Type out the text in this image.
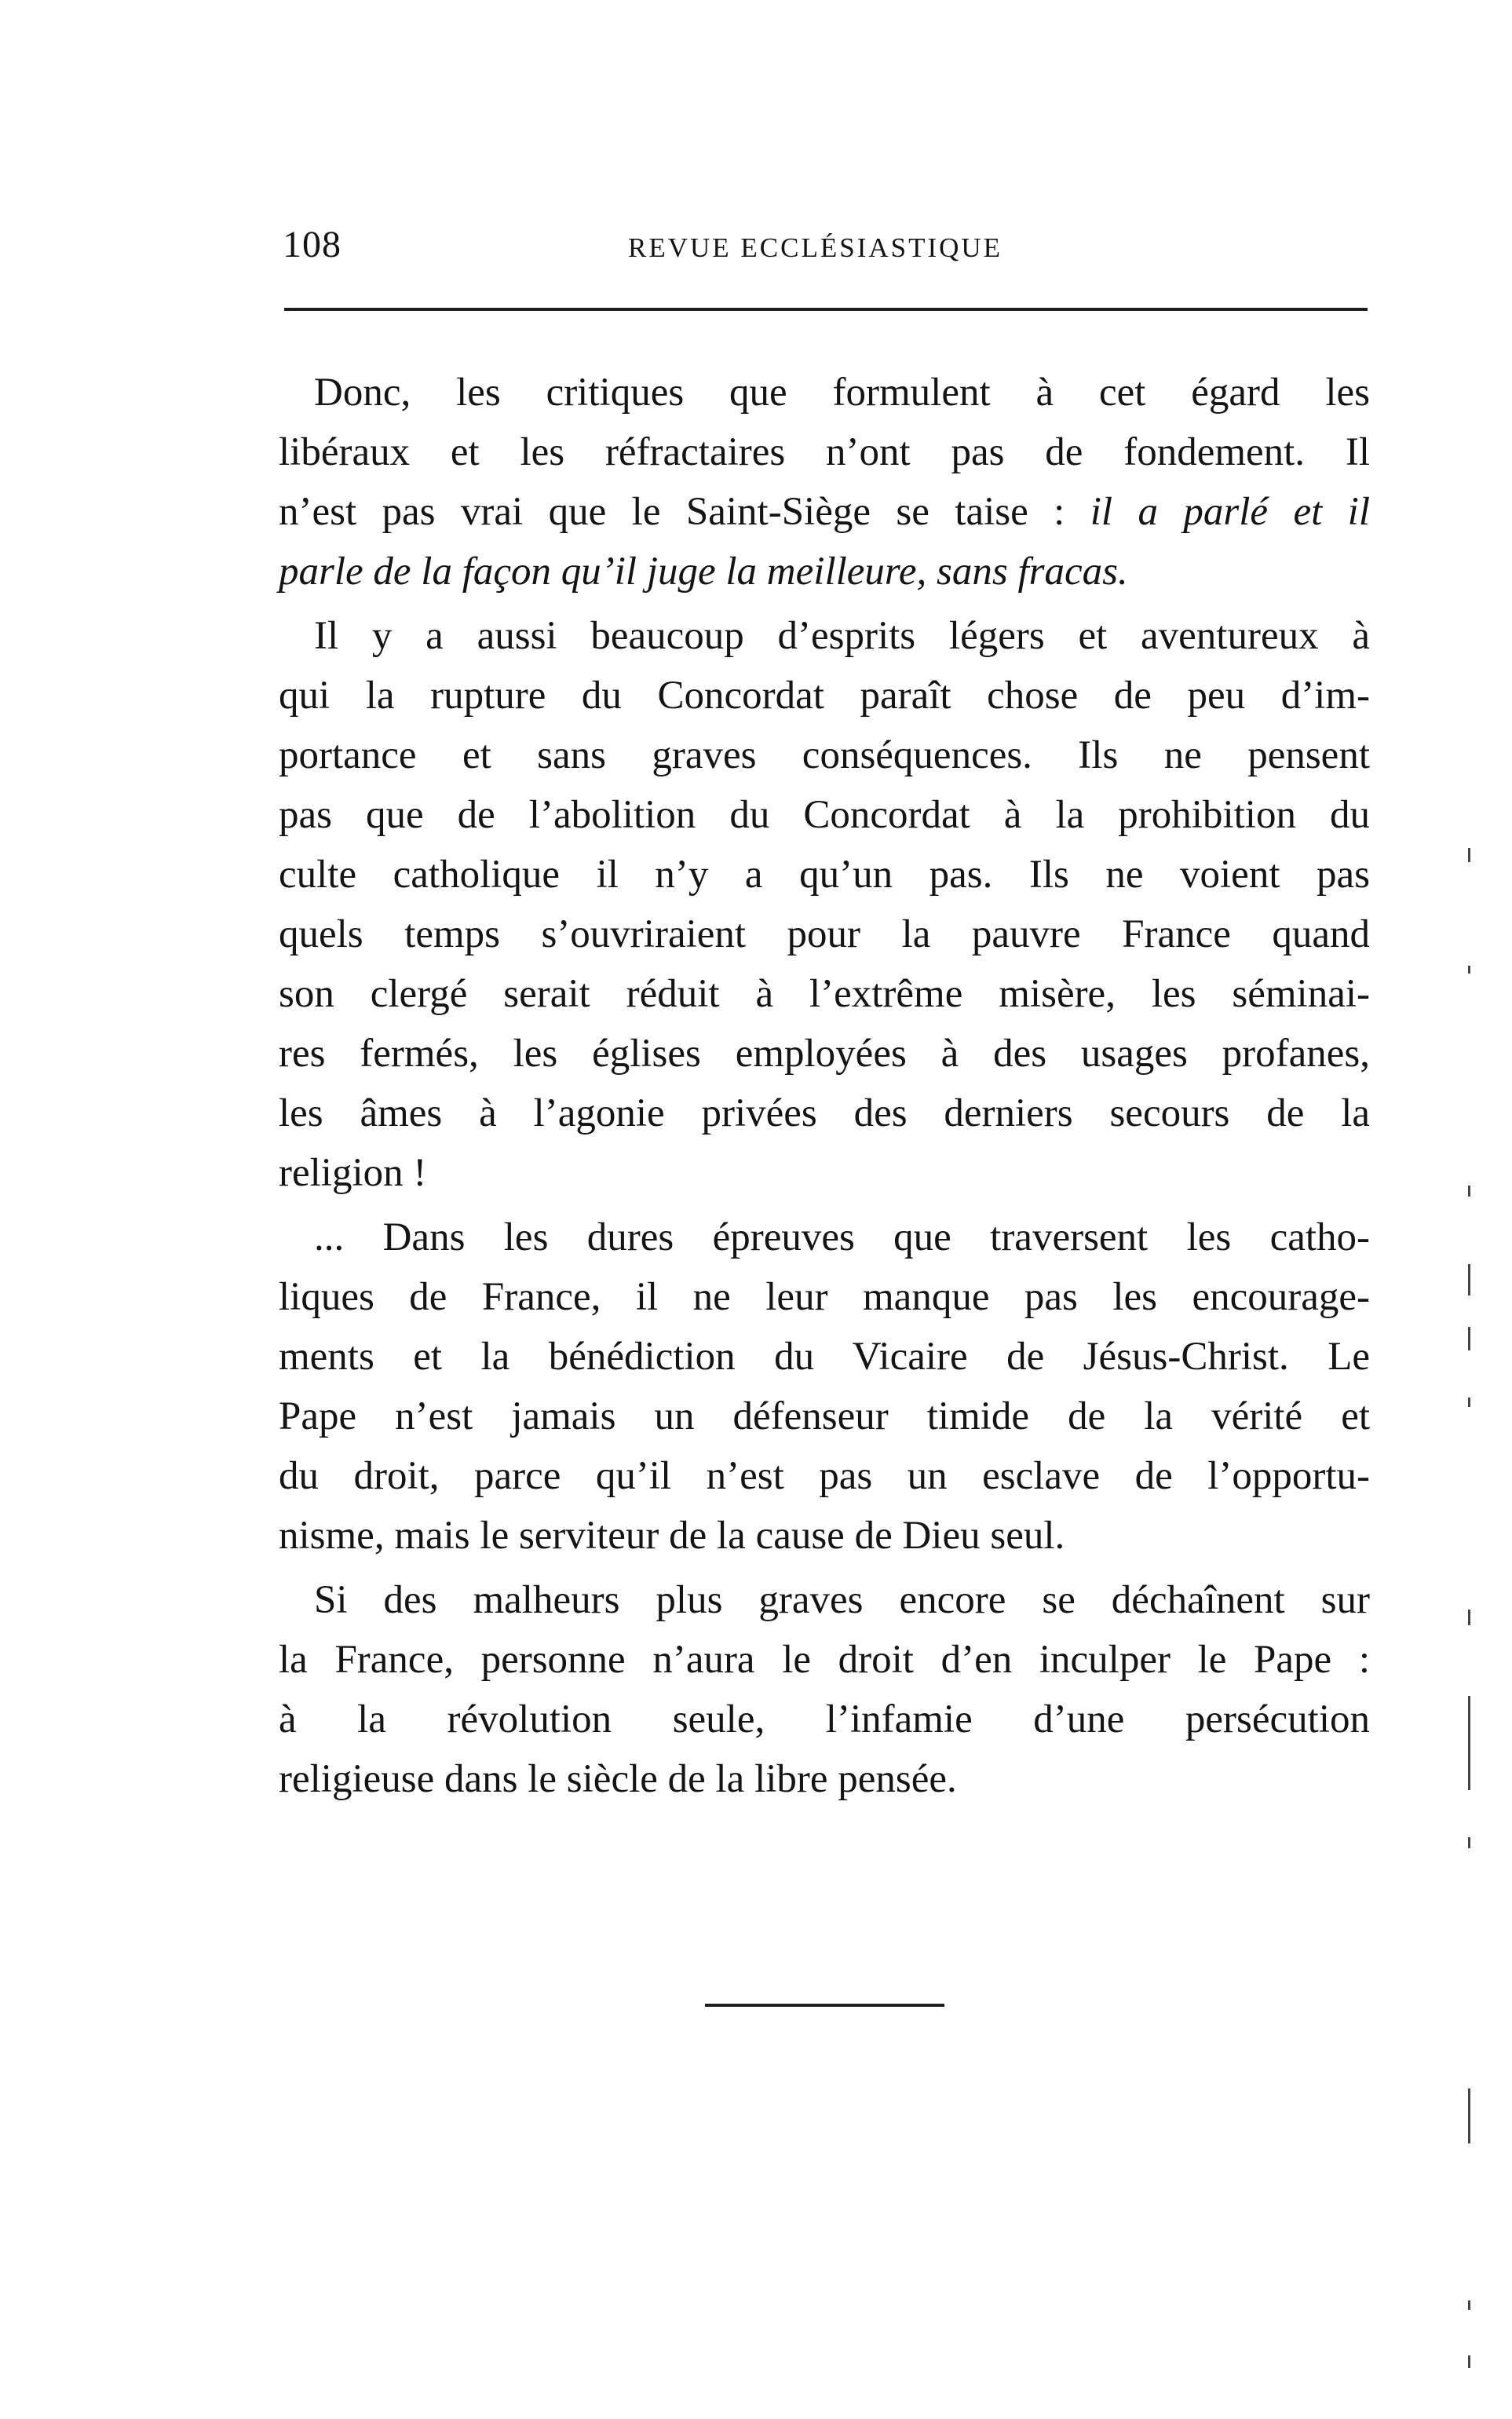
108	REVUE ECCLÉSIASTIQUE
Donc, les critiques que formulent à cet égard les
libéraux et les réfractaires n’ont pas de fondement. Il
n’est pas vrai que le Saint-Siège se taise : il a parlé et il
parle de la façon qu’il juge la meilleure, sans fracas.
Il y a aussi beaucoup d’esprits légers et aventureux à
qui la rupture du Concordat paraît chose de peu d’im-
portance et sans graves conséquences. Ils ne pensent
pas que de l’abolition du Concordat à la prohibition du
culte catholique il n’y a qu’un pas. Ils ne voient pas
quels temps s’ouvriraient pour la pauvre France quand
son clergé serait réduit à l’extrême misère, les séminai-
res fermés, les églises employées à des usages profanes,
les âmes à l’agonie privées des derniers secours de la
religion !
... Dans les dures épreuves que traversent les catho-
liques de France, il ne leur manque pas les encourage-
ments et la bénédiction du Vicaire de Jésus-Christ. Le
Pape n’est jamais un défenseur timide de la vérité et
du droit, parce qu’il n’est pas un esclave de l’opportu-
nisme, mais le serviteur de la cause de Dieu seul.
Si des malheurs plus graves encore se déchaînent sur
la France, personne n’aura le droit d’en inculper le Pape :
à la révolution seule, l’infamie d’une persécution
religieuse dans le siècle de la libre pensée.
